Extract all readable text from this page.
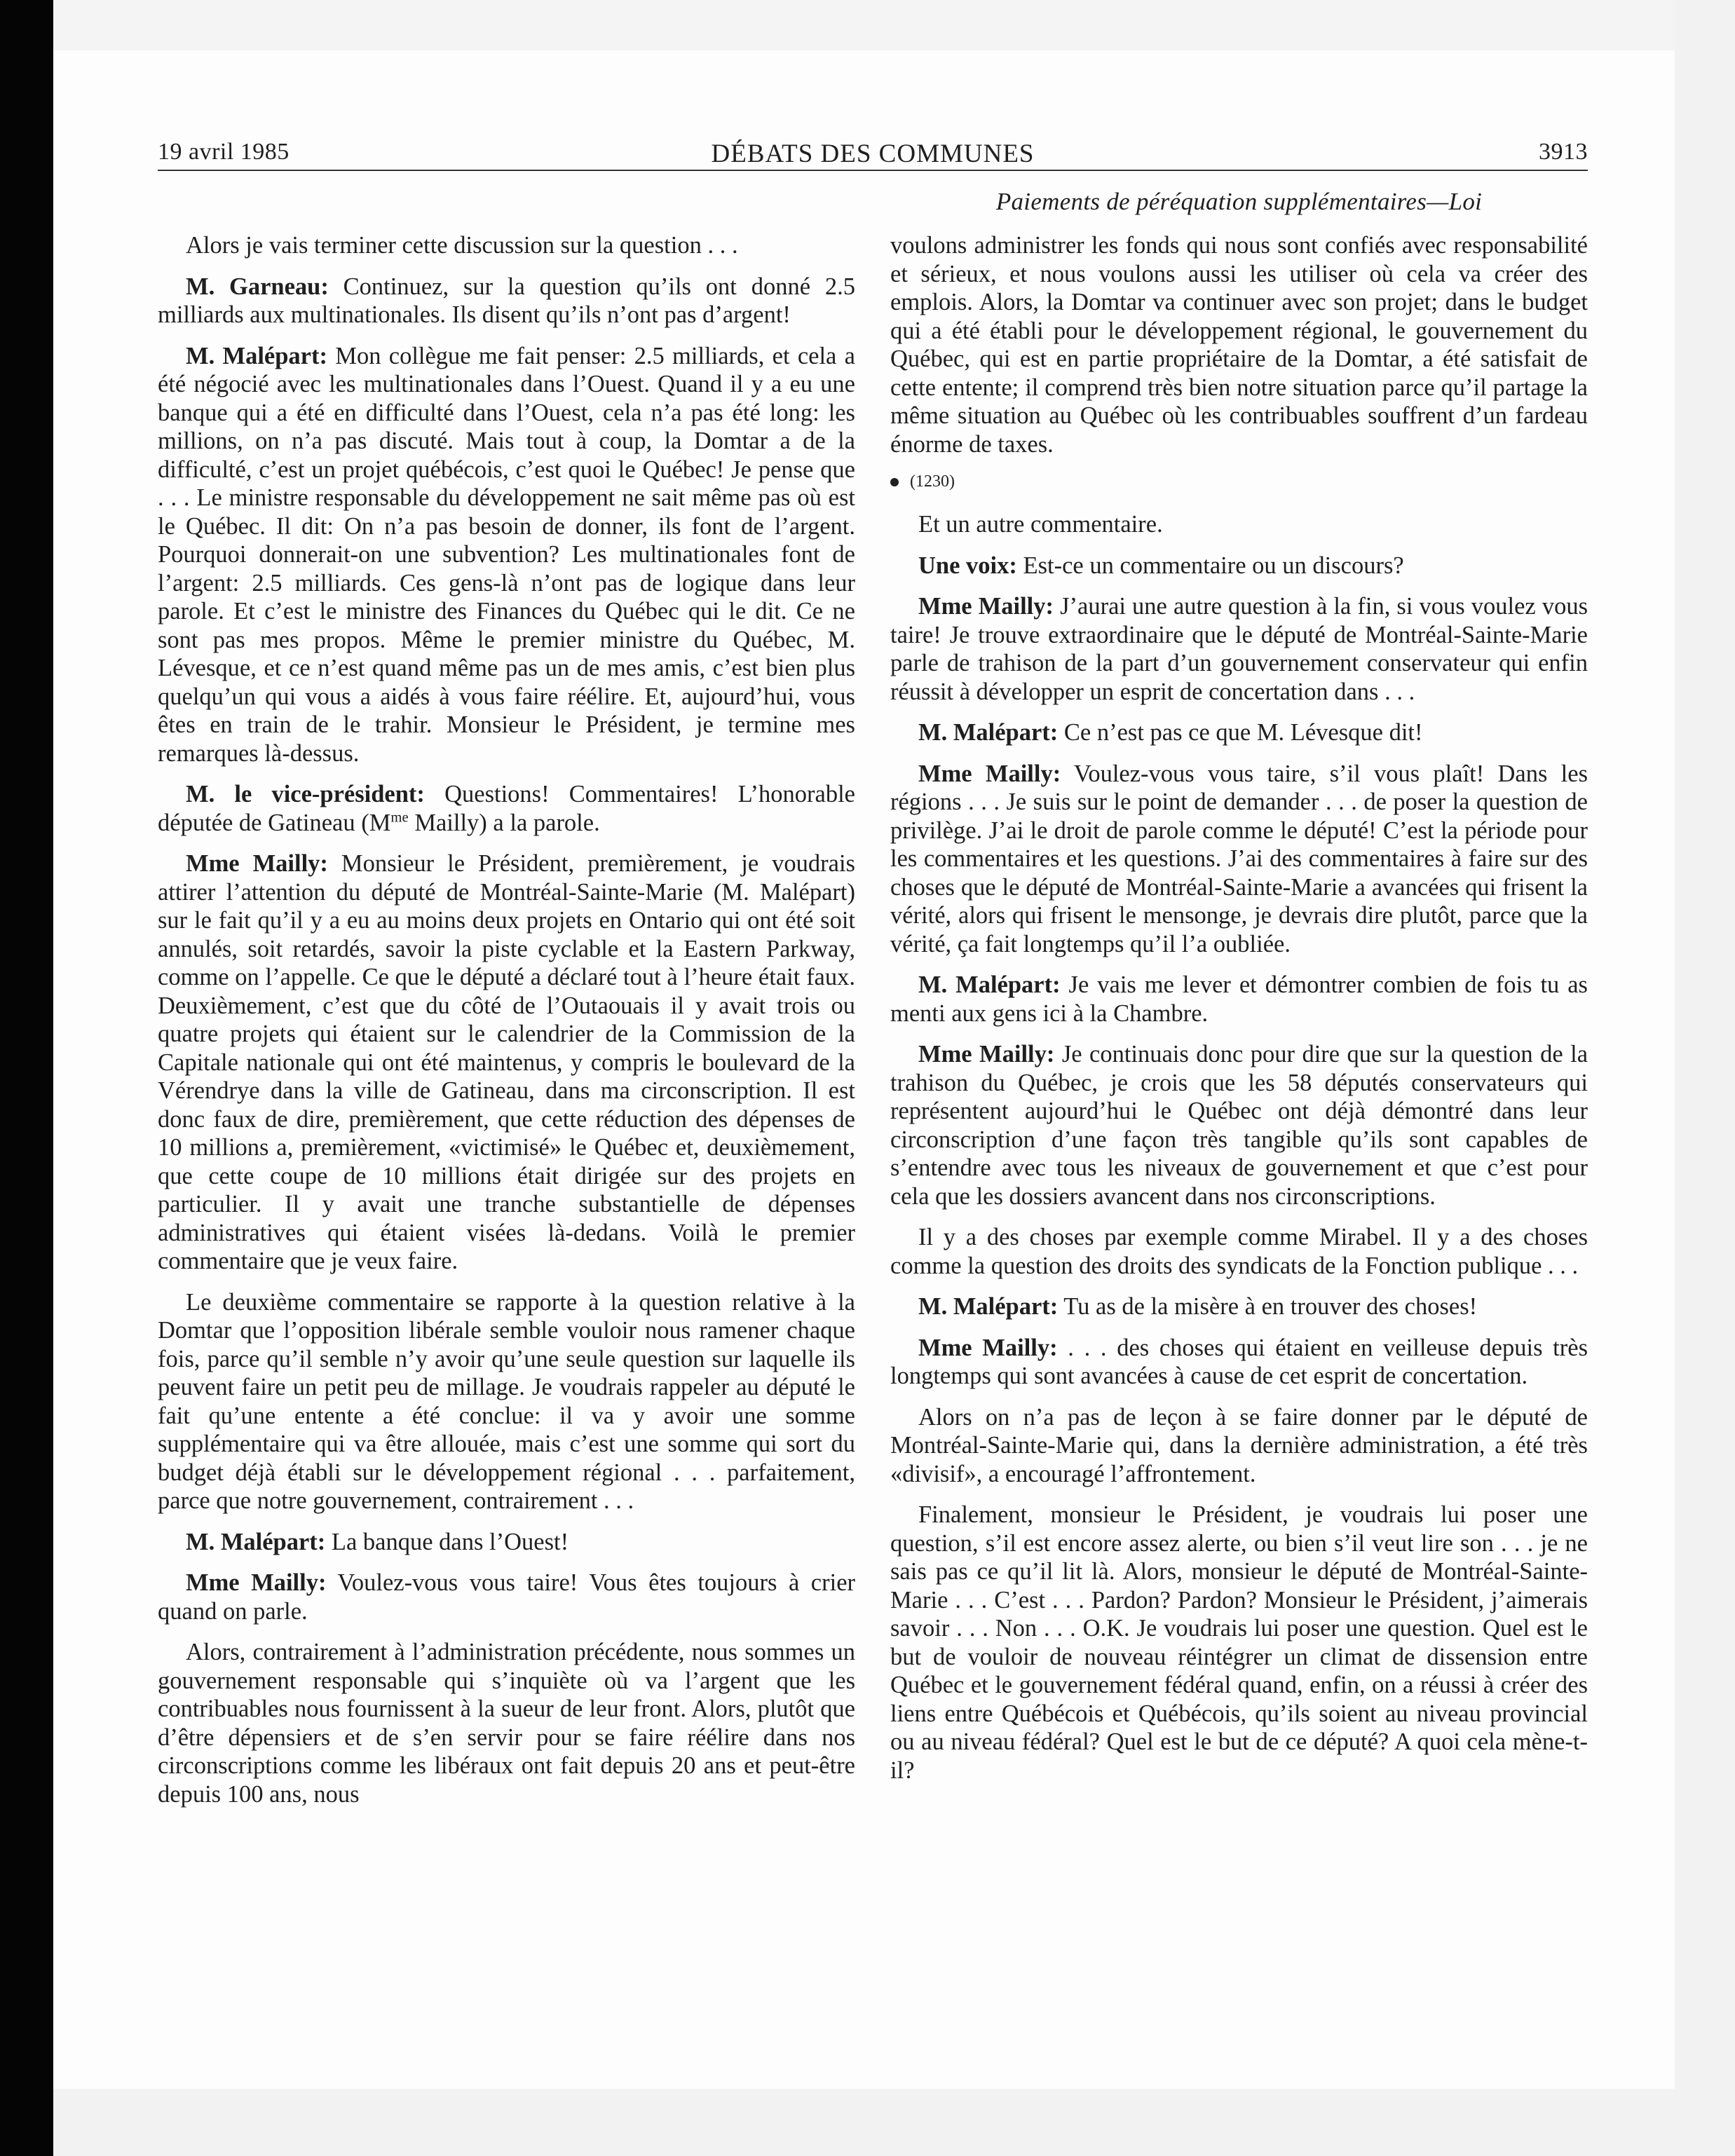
DÉBATS DES COMMUNES
19 avril 1985	3913
Paiements de péréquation supplémentaires—Loi

Alors je vais terminer cette discussion sur la question . . .

M. Garneau: Continuez, sur la question qu’ils ont donné 2.5 milliards aux multinationales. Ils disent qu’ils n’ont pas d’argent!

M. Malépart: Mon collègue me fait penser: 2.5 milliards, et cela a été négocié avec les multinationales dans l’Ouest. Quand il y a eu une banque qui a été en difficulté dans l’Ouest, cela n’a pas été long: les millions, on n’a pas discuté. Mais tout à coup, la Domtar a de la difficulté, c’est un projet québécois, c’est quoi le Québec! Je pense que . . . Le ministre responsable du développement ne sait même pas où est le Québec. Il dit: On n’a pas besoin de donner, ils font de l’argent. Pourquoi donnerait-on une subvention? Les multinationales font de l’argent: 2.5 milliards. Ces gens-là n’ont pas de logique dans leur parole. Et c’est le ministre des Finances du Québec qui le dit. Ce ne sont pas mes propos. Même le premier ministre du Québec, M. Lévesque, et ce n’est quand même pas un de mes amis, c’est bien plus quelqu’un qui vous a aidés à vous faire réélire. Et, aujourd’hui, vous êtes en train de le trahir. Monsieur le Président, je termine mes remarques là-dessus.

M. le vice-président: Questions! Commentaires! L’honorable députée de Gatineau ($M^{me}$ Mailly) a la parole.

Mme Mailly: Monsieur le Président, premièrement, je voudrais attirer l’attention du député de Montréal-Sainte-Marie (M. Malépart) sur le fait qu’il y a eu au moins deux projets en Ontario qui ont été soit annulés, soit retardés, savoir la piste cyclable et la Eastern Parkway, comme on l’appelle. Ce que le député a déclaré tout à l’heure était faux. Deuxièmement, c’est que du côté de l’Outaouais il y avait trois ou quatre projets qui étaient sur le calendrier de la Commission de la Capitale nationale qui ont été maintenus, y compris le boulevard de la Vérendrye dans la ville de Gatineau, dans ma circonscription. Il est donc faux de dire, premièrement, que cette réduction des dépenses de 10 millions a, premièrement, «victimisé» le Québec et, deuxièmement, que cette coupe de 10 millions était dirigée sur des projets en particulier. Il y avait une tranche substantielle de dépenses administratives qui étaient visées là-dedans. Voilà le premier commentaire que je veux faire.

Le deuxième commentaire se rapporte à la question relative à la Domtar que l’opposition libérale semble vouloir nous ramener chaque fois, parce qu’il semble n’y avoir qu’une seule question sur laquelle ils peuvent faire un petit peu de millage. Je voudrais rappeler au député le fait qu’une entente a été conclue: il va y avoir une somme supplémentaire qui va être allouée, mais c’est une somme qui sort du budget déjà établi sur le développement régional . . . parfaitement, parce que notre gouvernement, contrairement . . .

M. Malépart: La banque dans l’Ouest!

Mme Mailly: Voulez-vous vous taire! Vous êtes toujours à crier quand on parle.

Alors, contrairement à l’administration précédente, nous sommes un gouvernement responsable qui s’inquiète où va l’argent que les contribuables nous fournissent à la sueur de leur front. Alors, plutôt que d’être dépensiers et de s’en servir pour se faire réélire dans nos circonscriptions comme les libéraux ont fait depuis 20 ans et peut-être depuis 100 ans, nous

voulons administrer les fonds qui nous sont confiés avec responsabilité et sérieux, et nous voulons aussi les utiliser où cela va créer des emplois. Alors, la Domtar va continuer avec son projet; dans le budget qui a été établi pour le développement régional, le gouvernement du Québec, qui est en partie propriétaire de la Domtar, a été satisfait de cette entente; il comprend très bien notre situation parce qu’il partage la même situation au Québec où les contribuables souffrent d’un fardeau énorme de taxes.

(1230)

Et un autre commentaire.

Une voix: Est-ce un commentaire ou un discours?

Mme Mailly: J’aurai une autre question à la fin, si vous voulez vous taire! Je trouve extraordinaire que le député de Montréal-Sainte-Marie parle de trahison de la part d’un gouvernement conservateur qui enfin réussit à développer un esprit de concertation dans . . .

M. Malépart: Ce n’est pas ce que M. Lévesque dit!

Mme Mailly: Voulez-vous vous taire, s’il vous plaît! Dans les régions . . . Je suis sur le point de demander . . . de poser la question de privilège. J’ai le droit de parole comme le député! C’est la période pour les commentaires et les questions. J’ai des commentaires à faire sur des choses que le député de Montréal-Sainte-Marie a avancées qui frisent la vérité, alors qui frisent le mensonge, je devrais dire plutôt, parce que la vérité, ça fait longtemps qu’il l’a oubliée.

M. Malépart: Je vais me lever et démontrer combien de fois tu as menti aux gens ici à la Chambre.

Mme Mailly: Je continuais donc pour dire que sur la question de la trahison du Québec, je crois que les 58 députés conservateurs qui représentent aujourd’hui le Québec ont déjà démontré dans leur circonscription d’une façon très tangible qu’ils sont capables de s’entendre avec tous les niveaux de gouvernement et que c’est pour cela que les dossiers avancent dans nos circonscriptions.

Il y a des choses par exemple comme Mirabel. Il y a des choses comme la question des droits des syndicats de la Fonction publique . . .

M. Malépart: Tu as de la misère à en trouver des choses!

Mme Mailly: . . . des choses qui étaient en veilleuse depuis très longtemps qui sont avancées à cause de cet esprit de concertation.

Alors on n’a pas de leçon à se faire donner par le député de Montréal-Sainte-Marie qui, dans la dernière administration, a été très «divisif», a encouragé l’affrontement.

Finalement, monsieur le Président, je voudrais lui poser une question, s’il est encore assez alerte, ou bien s’il veut lire son . . . je ne sais pas ce qu’il lit là. Alors, monsieur le député de Montréal-Sainte-Marie . . . C’est . . . Pardon? Pardon? Monsieur le Président, j’aimerais savoir . . . Non . . . O.K. Je voudrais lui poser une question. Quel est le but de vouloir de nouveau réintégrer un climat de dissension entre Québec et le gouvernement fédéral quand, enfin, on a réussi à créer des liens entre Québécois et Québécois, qu’ils soient au niveau provincial ou au niveau fédéral? Quel est le but de ce député? A quoi cela mène-t-il?
